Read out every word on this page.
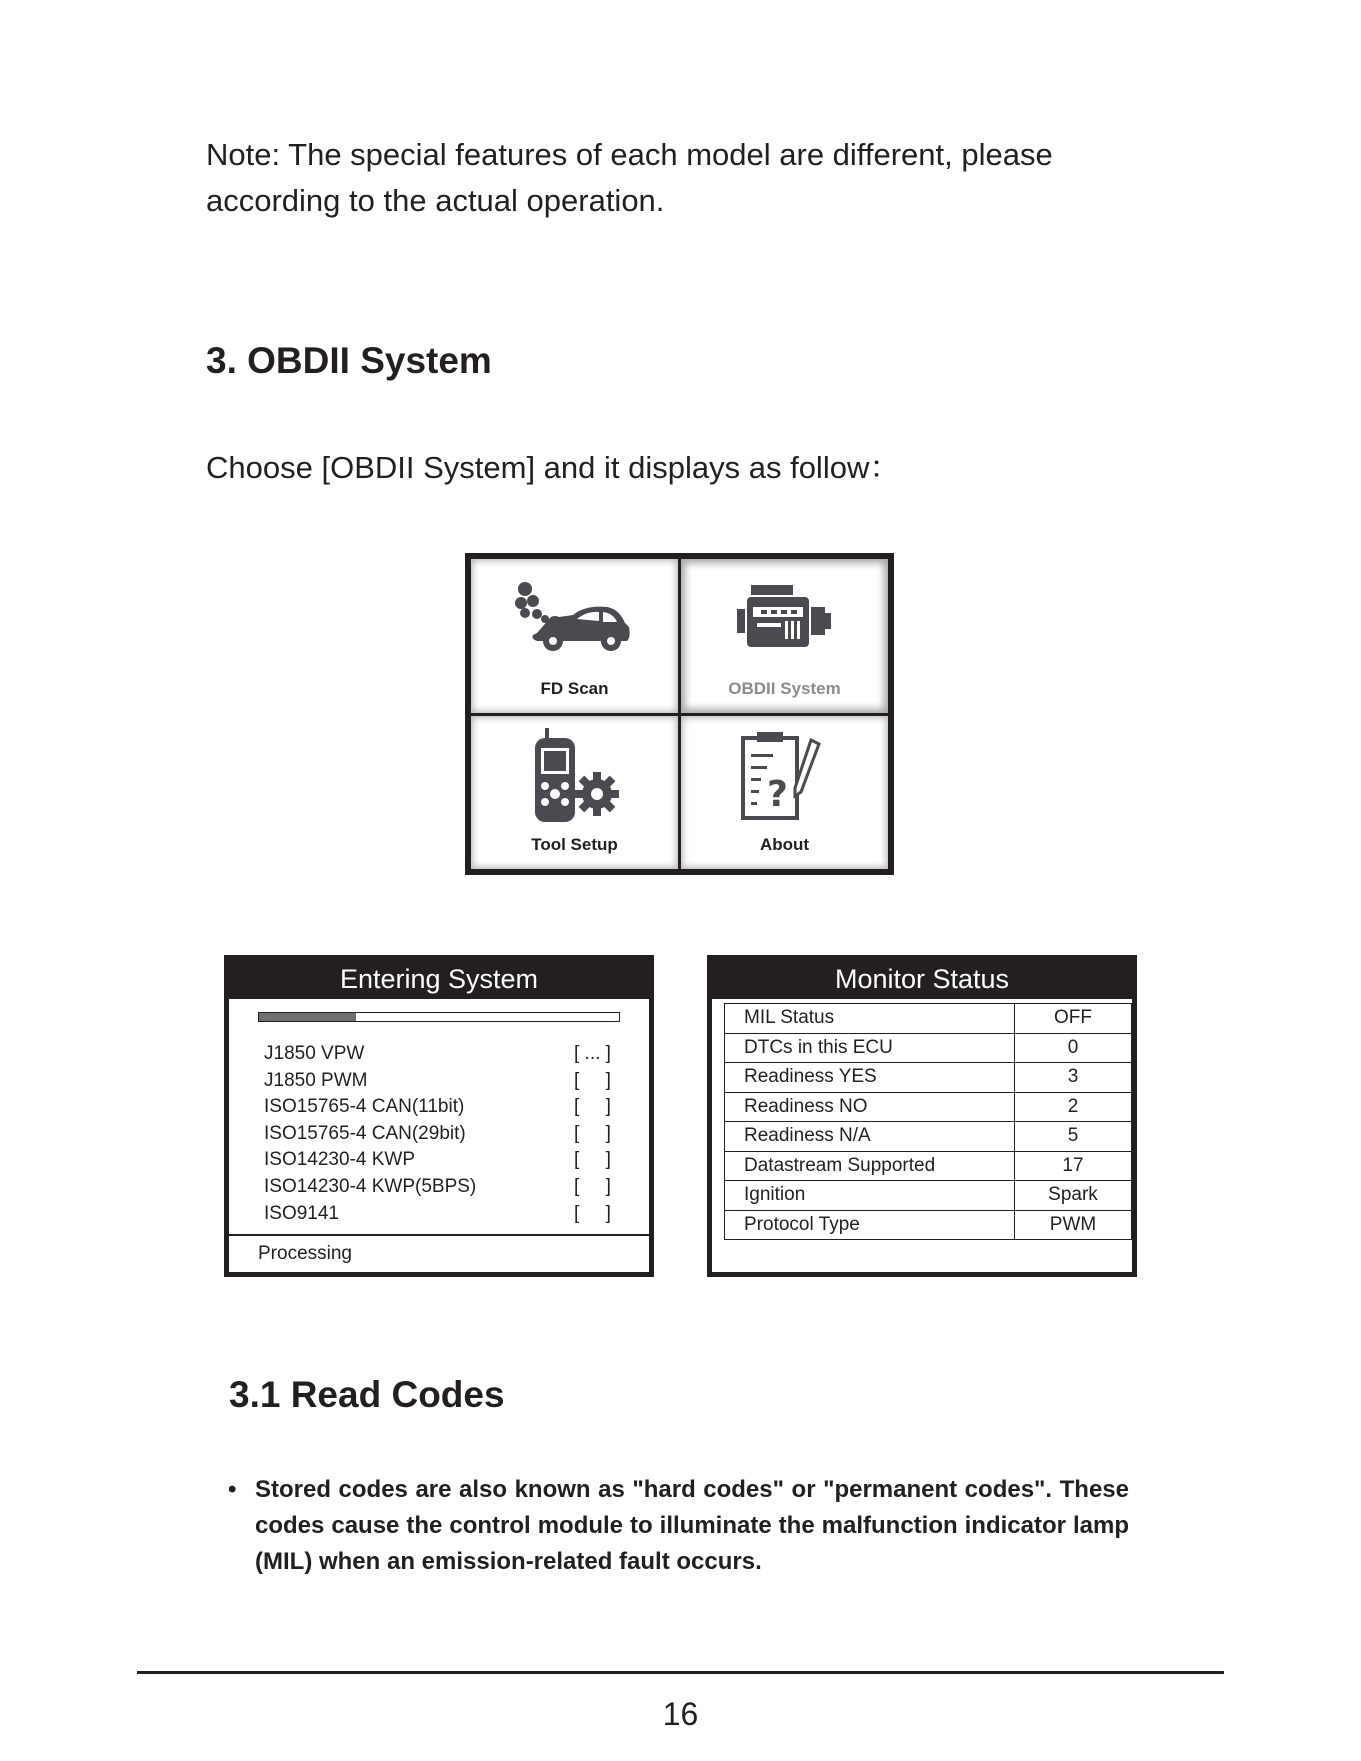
Note: The special features of each model are different, please according to the actual operation.
3. OBDII System
Choose [OBDII System] and it displays as follow：
FD Scan	OBDII System
Tool Setup
?
About
Entering System
J1850 VPW	[ ... ]
J1850 PWM	[     ]
ISO15765-4 CAN(11bit)	[     ]
ISO15765-4 CAN(29bit)	[     ]
ISO14230-4 KWP	[     ]
ISO14230-4 KWP(5BPS)	[     ]
ISO9141	[     ]
Processing
Monitor Status
MIL Status	OFF
DTCs in this ECU	0
Readiness YES	3
Readiness NO	2
Readiness N/A	5
Datastream Supported	17
Ignition	Spark
Protocol Type	PWM
3.1 Read Codes
• Stored codes are also known as "hard codes" or "permanent codes". These codes cause the control module to illuminate the malfunction indicator lamp (MIL) when an emission-related fault occurs.
16
